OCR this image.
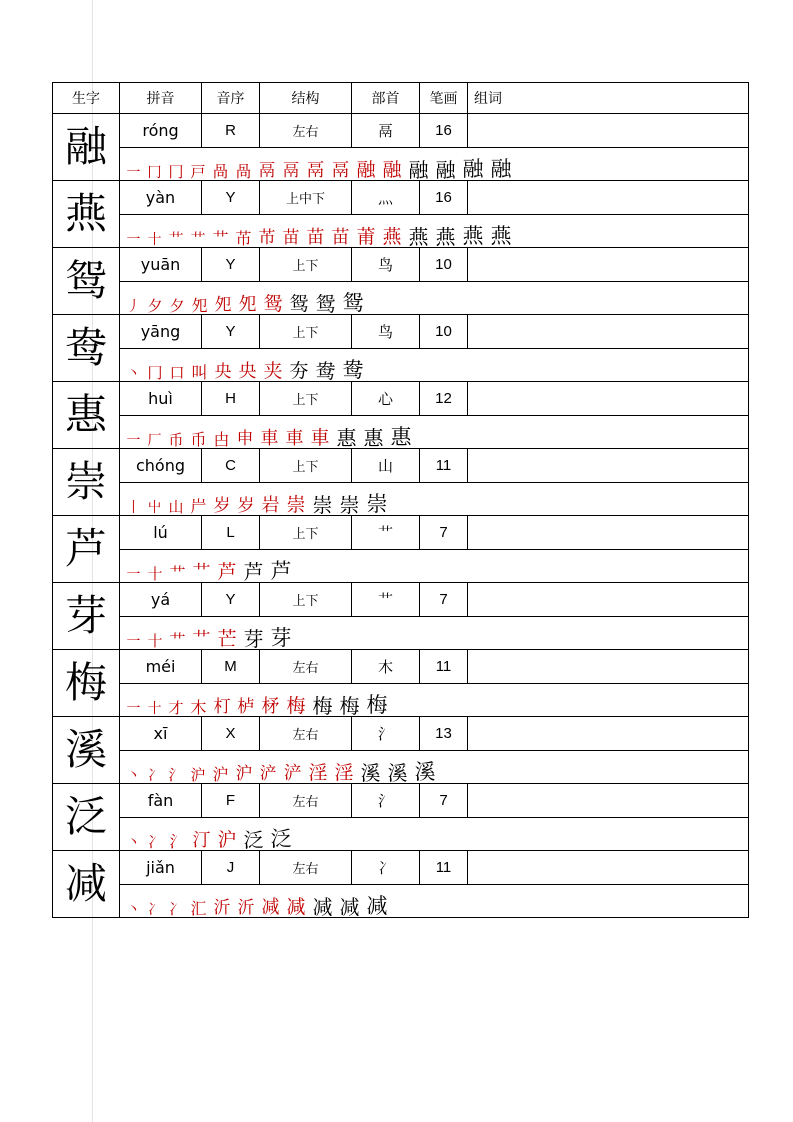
生字	拼音	音序	结构	部首	笔画	组词
融	róng	R	左右	鬲	16	

一 冂 冂 戸 咼 咼 鬲 鬲 鬲 鬲 融 融 融 融 融 融

燕	yàn	Y	上中下	灬	16	

一 十 艹 艹 艹 芇 芇 苗 苗 苗 莆 燕 燕 燕 燕 燕

鸳	yuān	Y	上下	鸟	10	

丿 夕 夕 夗 夗 夗 鸳 鸳 鸳 鸳

鸯	yāng	Y	上下	鸟	10	

丶 冂 口 叫 央 央 夹 夯 鸯 鸯

惠	huì	H	上下	心	12	

一 厂 币 币 甴 申 車 車 車 惠 惠 惠

崇	chóng	C	上下	山	11	

丨 屮 山 屵 岁 岁 岩 崇 崇 崇 崇

芦	lú	L	上下	艹	7	

一 十 艹 艹 芦 芦 芦

芽	yá	Y	上下	艹	7	

一 十 艹 艹 芒 芽 芽

梅	méi	M	左右	木	11	

一 十 才 木 朾 栌 柕 梅 梅 梅 梅

溪	xī	X	左右	氵	13	

丶 冫 氵 沪 沪 沪 浐 浐 淫 淫 溪 溪 溪

泛	fàn	F	左右	氵	7	

丶 冫 氵 汀 沪 泛 泛

减	jiǎn	J	左右	冫	11	

丶 冫 冫 汇 沂 沂 减 减 减 减 减
